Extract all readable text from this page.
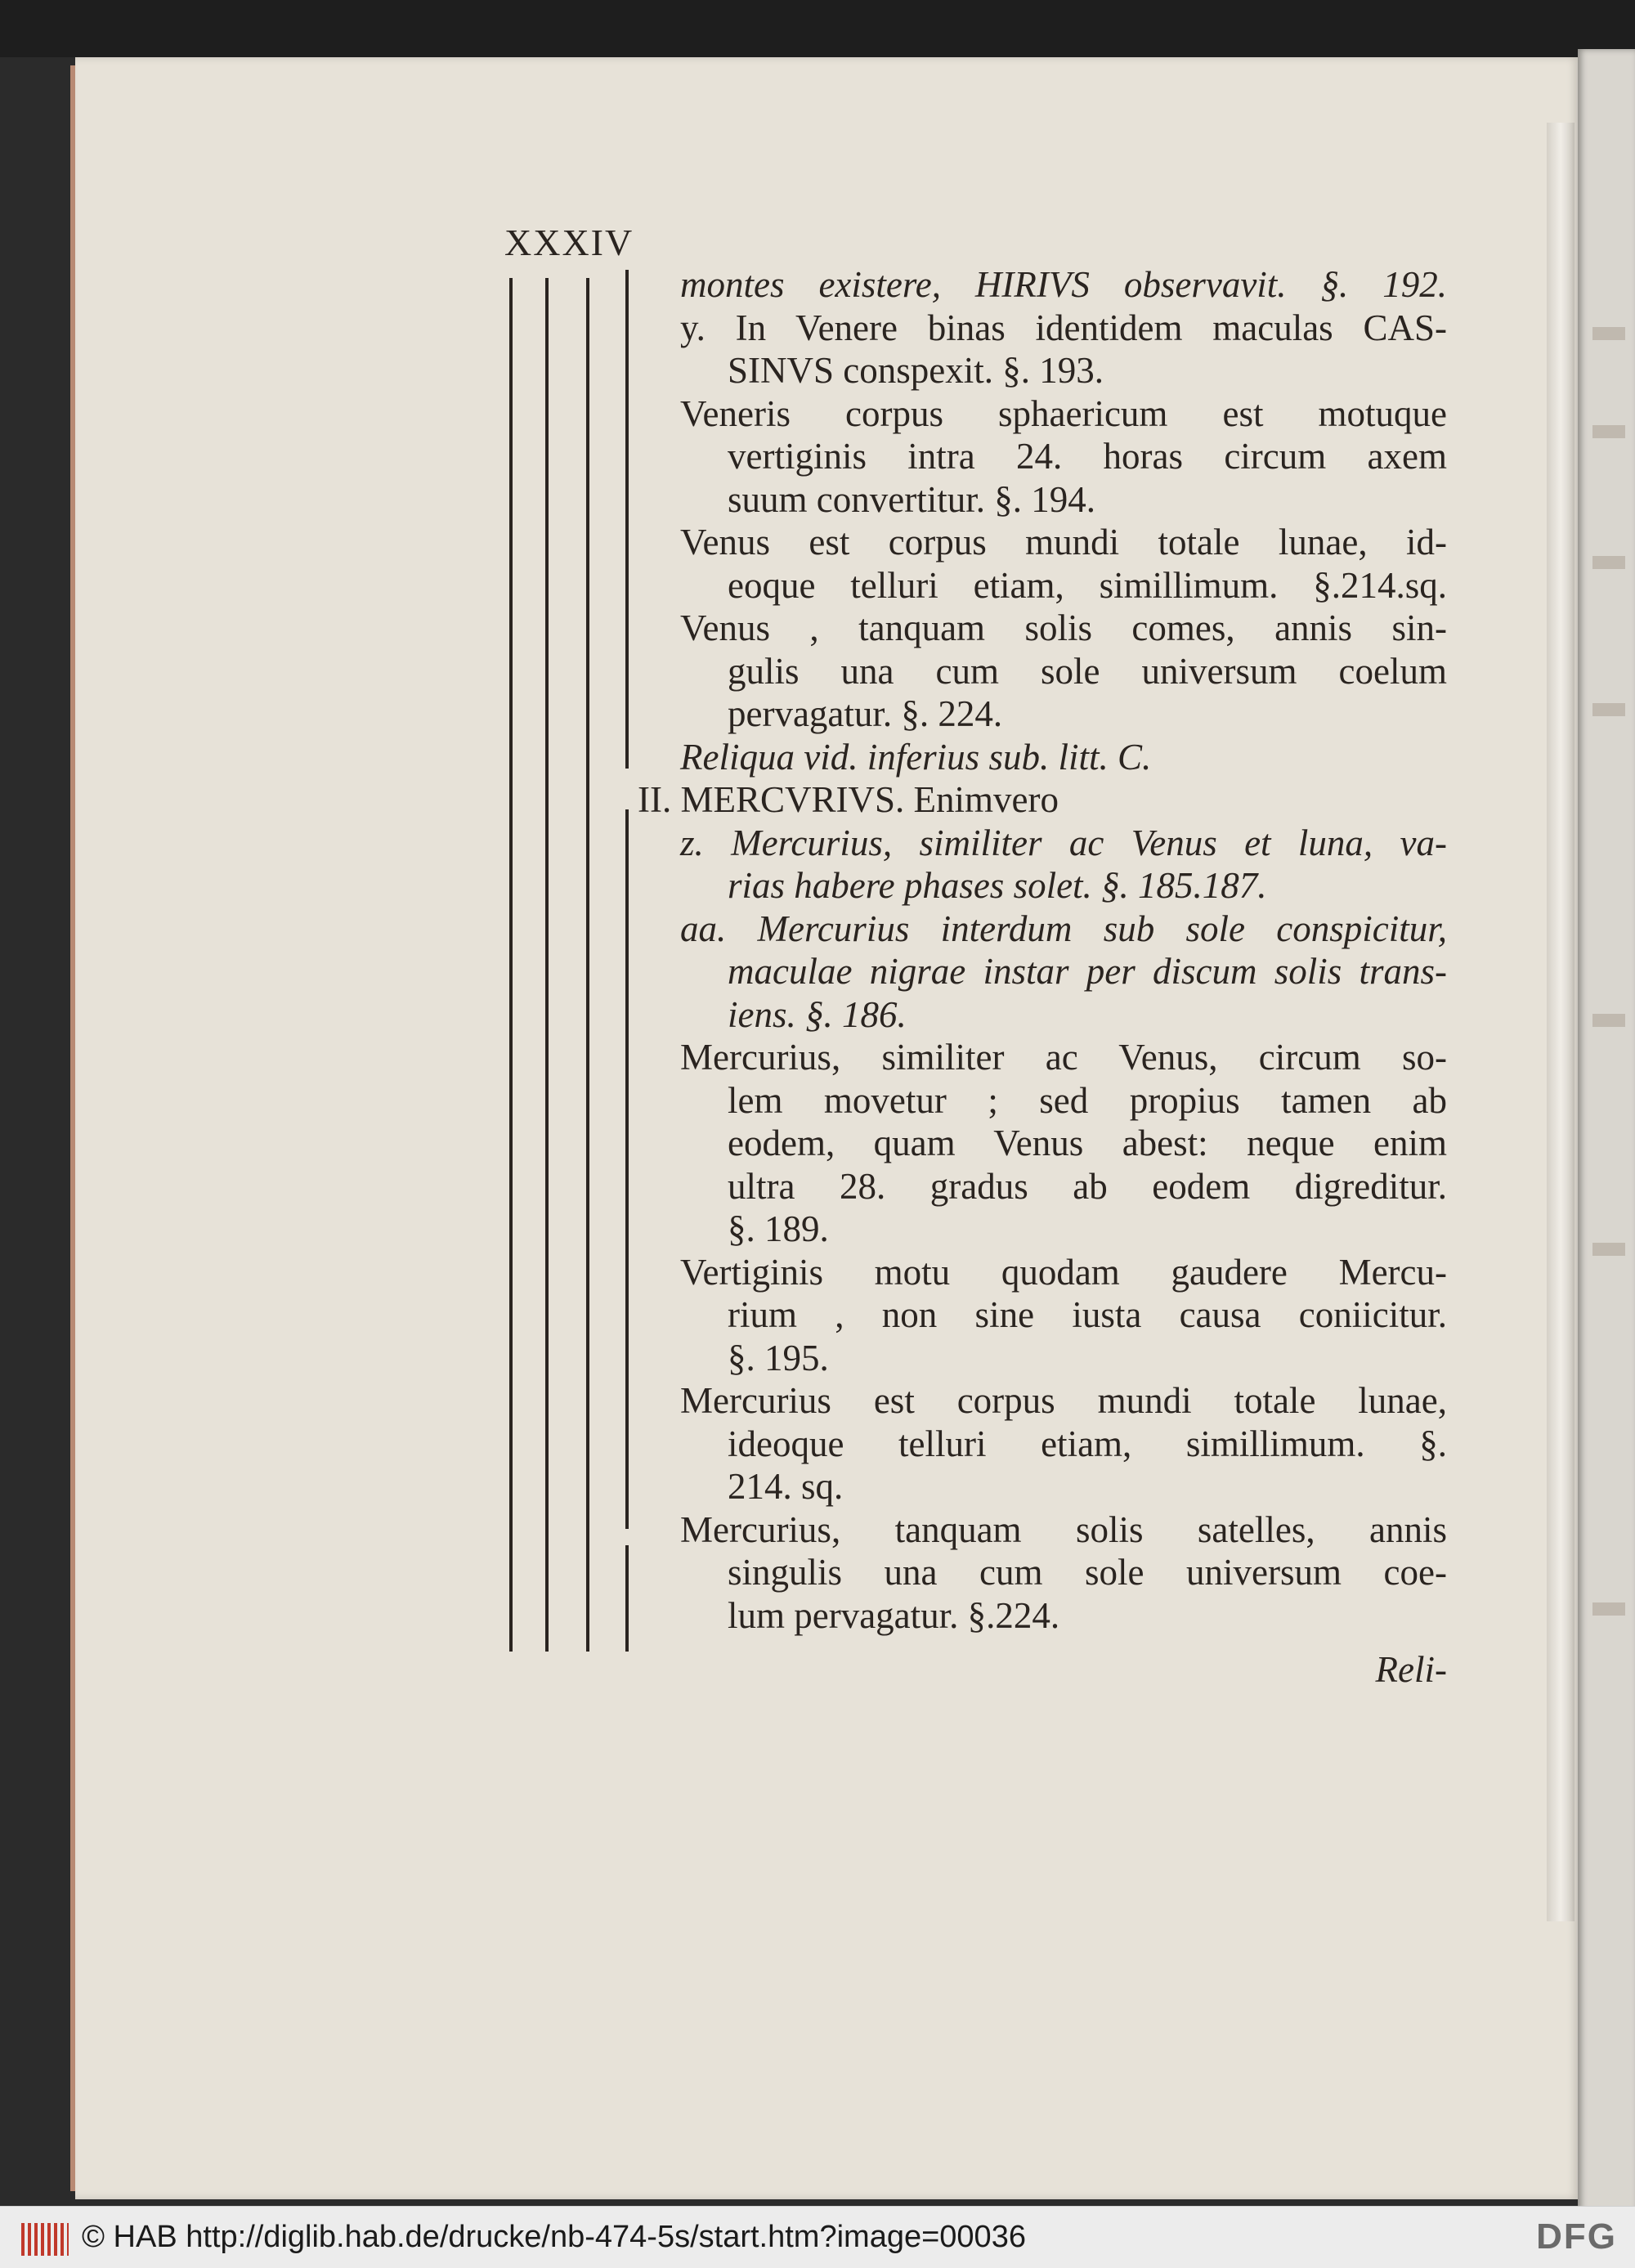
XXXIV
montes existere, HIRIVS observavit. §. 192.
y. In Venere binas identidem maculas CAS-
SINVS conspexit. §. 193.
Veneris corpus sphaericum est motuque
vertiginis intra 24. horas circum axem
suum convertitur. §. 194.
Venus est corpus mundi totale lunae, id-
eoque telluri etiam, simillimum. §.214.sq.
Venus , tanquam solis comes, annis sin-
gulis una cum sole universum coelum
pervagatur. §. 224.
Reliqua vid. inferius sub. litt. C.
II. MERCVRIVS. Enimvero
z. Mercurius, similiter ac Venus et luna, va-
rias habere phases solet. §. 185.187.
aa. Mercurius interdum sub sole conspicitur,
maculae nigrae instar per discum solis trans-
iens. §. 186.
Mercurius, similiter ac Venus, circum so-
lem movetur ; sed propius tamen ab
eodem, quam Venus abest: neque enim
ultra 28. gradus ab eodem digreditur.
§. 189.
Vertiginis motu quodam gaudere Mercu-
rium , non sine iusta causa coniicitur.
§. 195.
Mercurius est corpus mundi totale lunae,
ideoque telluri etiam, simillimum. §.
214. sq.
Mercurius, tanquam solis satelles, annis
singulis una cum sole universum coe-
lum pervagatur. §.224.
Reli-
© HAB http://diglib.hab.de/drucke/nb-474-5s/start.htm?image=00036	DFG
